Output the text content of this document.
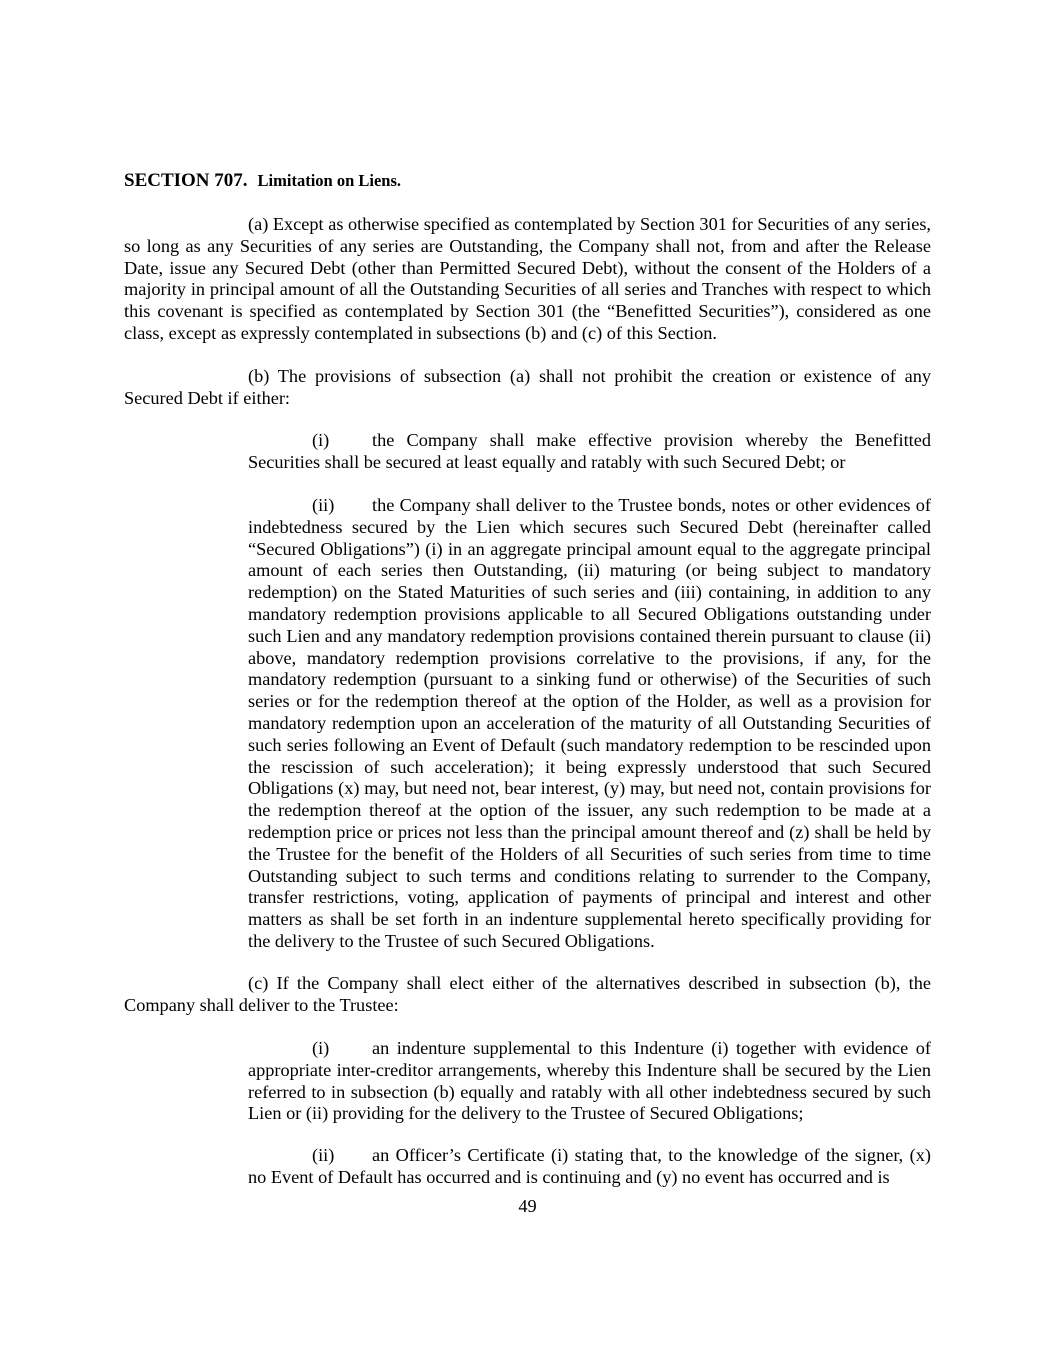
SECTION 707. Limitation on Liens.

(a) Except as otherwise specified as contemplated by Section 301 for Securities of any series, so long as any Securities of any series are Outstanding, the Company shall not, from and after the Release Date, issue any Secured Debt (other than Permitted Secured Debt), without the consent of the Holders of a majority in principal amount of all the Outstanding Securities of all series and Tranches with respect to which this covenant is specified as contemplated by Section 301 (the “Benefitted Securities”), considered as one class, except as expressly contemplated in subsections (b) and (c) of this Section.

(b) The provisions of subsection (a) shall not prohibit the creation or existence of any Secured Debt if either:

(i) the Company shall make effective provision whereby the Benefitted Securities shall be secured at least equally and ratably with such Secured Debt; or

(ii) the Company shall deliver to the Trustee bonds, notes or other evidences of indebtedness secured by the Lien which secures such Secured Debt (hereinafter called “Secured Obligations”) (i) in an aggregate principal amount equal to the aggregate principal amount of each series then Outstanding, (ii) maturing (or being subject to mandatory redemption) on the Stated Maturities of such series and (iii) containing, in addition to any mandatory redemption provisions applicable to all Secured Obligations outstanding under such Lien and any mandatory redemption provisions contained therein pursuant to clause (ii) above, mandatory redemption provisions correlative to the provisions, if any, for the mandatory redemption (pursuant to a sinking fund or otherwise) of the Securities of such series or for the redemption thereof at the option of the Holder, as well as a provision for mandatory redemption upon an acceleration of the maturity of all Outstanding Securities of such series following an Event of Default (such mandatory redemption to be rescinded upon the rescission of such acceleration); it being expressly understood that such Secured Obligations (x) may, but need not, bear interest, (y) may, but need not, contain provisions for the redemption thereof at the option of the issuer, any such redemption to be made at a redemption price or prices not less than the principal amount thereof and (z) shall be held by the Trustee for the benefit of the Holders of all Securities of such series from time to time Outstanding subject to such terms and conditions relating to surrender to the Company, transfer restrictions, voting, application of payments of principal and interest and other matters as shall be set forth in an indenture supplemental hereto specifically providing for the delivery to the Trustee of such Secured Obligations.

(c) If the Company shall elect either of the alternatives described in subsection (b), the Company shall deliver to the Trustee:

(i) an indenture supplemental to this Indenture (i) together with evidence of appropriate inter-creditor arrangements, whereby this Indenture shall be secured by the Lien referred to in subsection (b) equally and ratably with all other indebtedness secured by such Lien or (ii) providing for the delivery to the Trustee of Secured Obligations;

(ii) an Officer’s Certificate (i) stating that, to the knowledge of the signer, (x) no Event of Default has occurred and is continuing and (y) no event has occurred and is

49
